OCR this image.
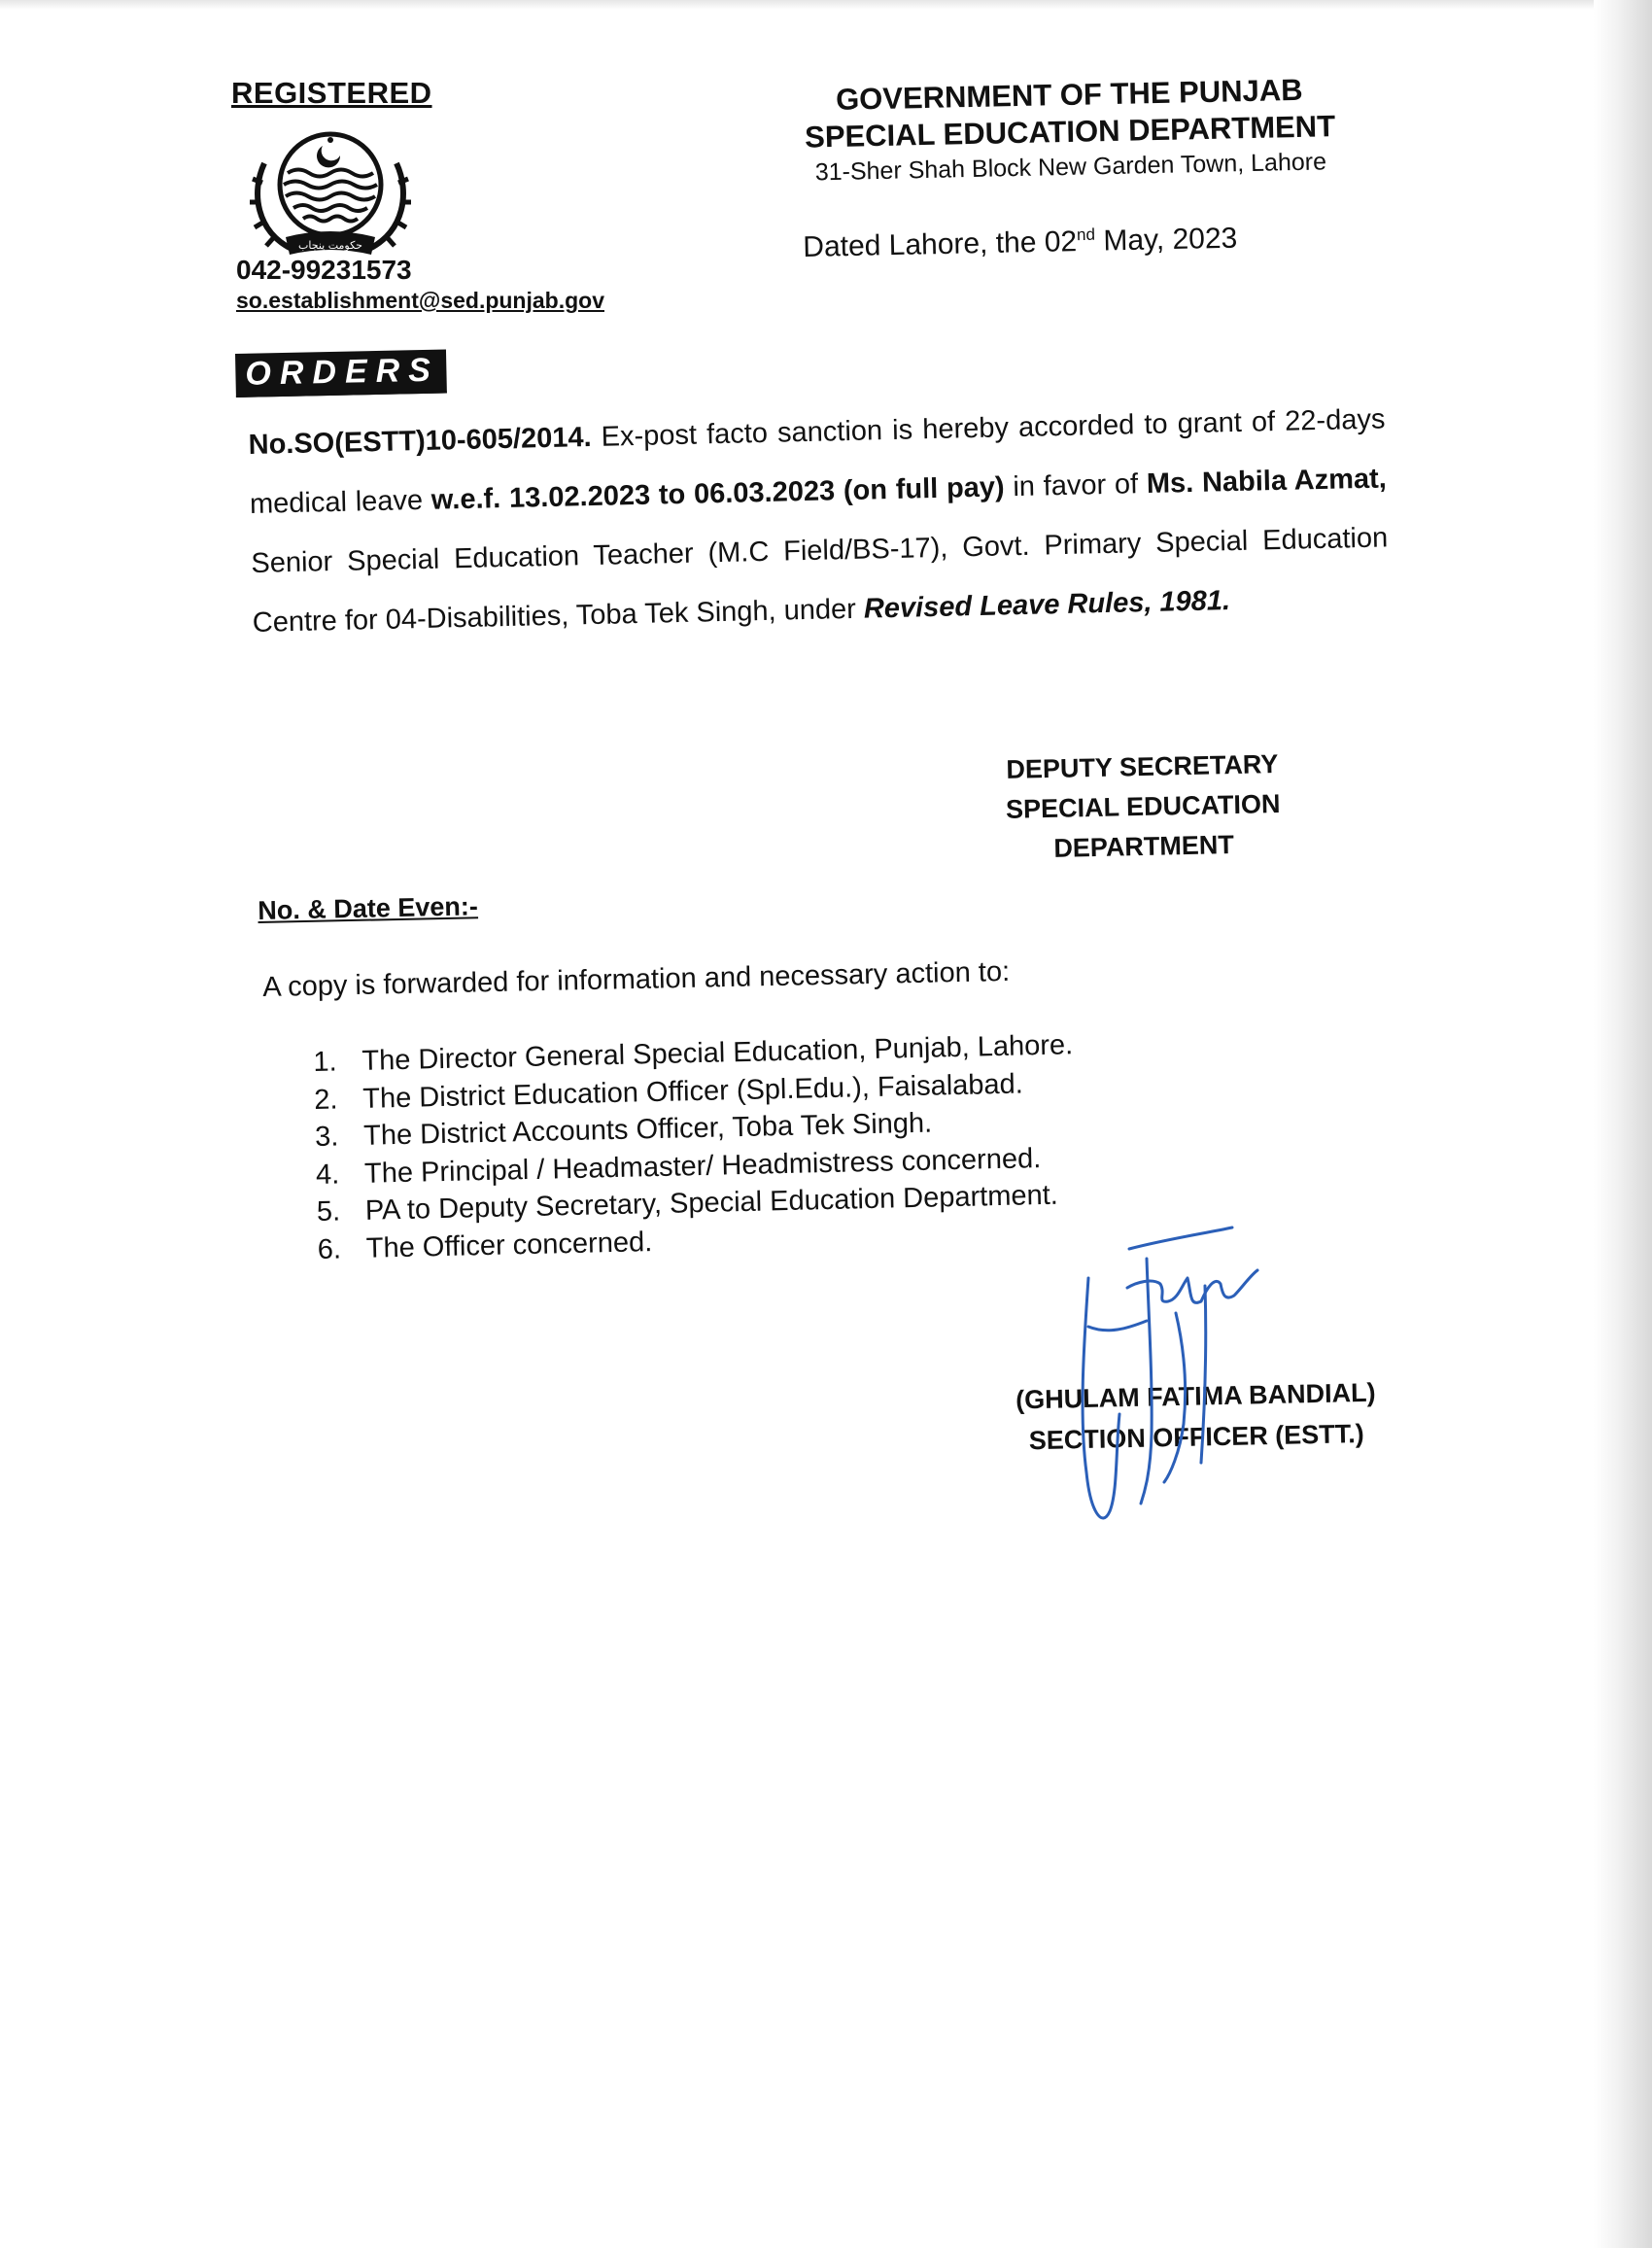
REGISTERED
حکومت پنجاب
042-99231573
so.establishment@sed.punjab.gov
GOVERNMENT OF THE PUNJAB
SPECIAL EDUCATION DEPARTMENT
31-Sher Shah Block New Garden Town, Lahore
Dated Lahore, the 02nd May, 2023
ORDERS
No.SO(ESTT)10-605/2014. Ex-post facto sanction is hereby accorded to grant of 22-days medical leave w.e.f. 13.02.2023 to 06.03.2023 (on full pay) in favor of Ms. Nabila Azmat, Senior Special Education Teacher (M.C Field/BS-17), Govt. Primary Special Education Centre for 04-Disabilities, Toba Tek Singh, under Revised Leave Rules, 1981.
DEPUTY SECRETARY
SPECIAL EDUCATION
DEPARTMENT
No. & Date Even:-
A copy is forwarded for information and necessary action to:
1. The Director General Special Education, Punjab, Lahore.
2. The District Education Officer (Spl.Edu.), Faisalabad.
3. The District Accounts Officer, Toba Tek Singh.
4. The Principal / Headmaster/ Headmistress concerned.
5. PA to Deputy Secretary, Special Education Department.
6. The Officer concerned.
(GHULAM FATIMA BANDIAL)
SECTION OFFICER (ESTT.)
